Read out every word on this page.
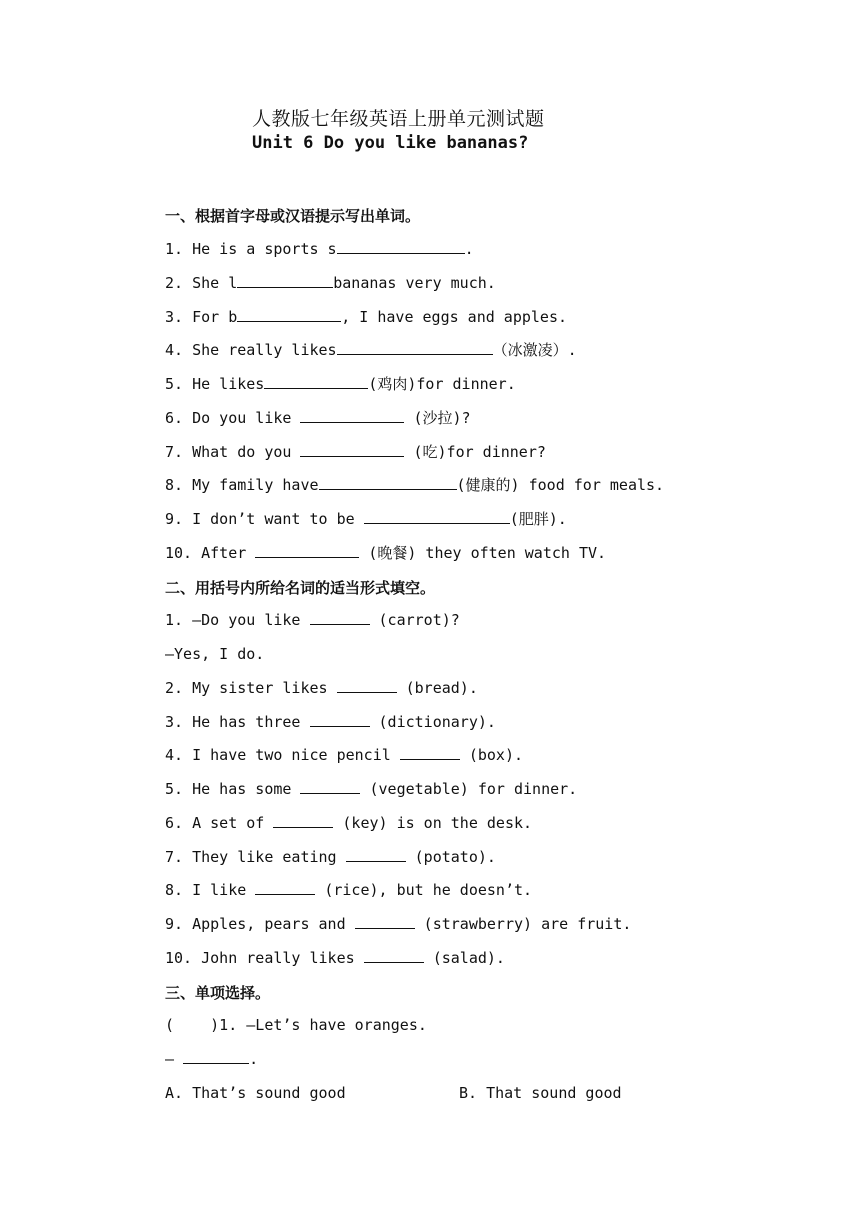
人教版七年级英语上册单元测试题
Unit 6 Do you like bananas?
一、根据首字母或汉语提示写出单词。
1. He is a sports s	.
2. She l	bananas very much.
3. For b	, I have eggs and apples.
4. She really likes	（冰激凌）.
5. He likes	(鸡肉)for dinner.
6. Do you like	(沙拉)?
7. What do you	(吃)for dinner?
8. My family have	(健康的) food for meals.
9. I don’t want to be	(肥胖).
10. After	(晚餐) they often watch TV.
二、用括号内所给名词的适当形式填空。
1. —Do you like	(carrot)?
—Yes, I do.
2. My sister likes	(bread).
3. He has three	(dictionary).
4. I have two nice pencil	(box).
5. He has some	(vegetable) for dinner.
6. A set of	(key) is on the desk.
7. They like eating	(potato).
8. I like	(rice), but he doesn’t.
9. Apples, pears and	(strawberry) are fruit.
10. John really likes	(salad).
三、单项选择。
(    )1. —Let’s have oranges.
—	.
A. That’s sound good	B. That sound good
